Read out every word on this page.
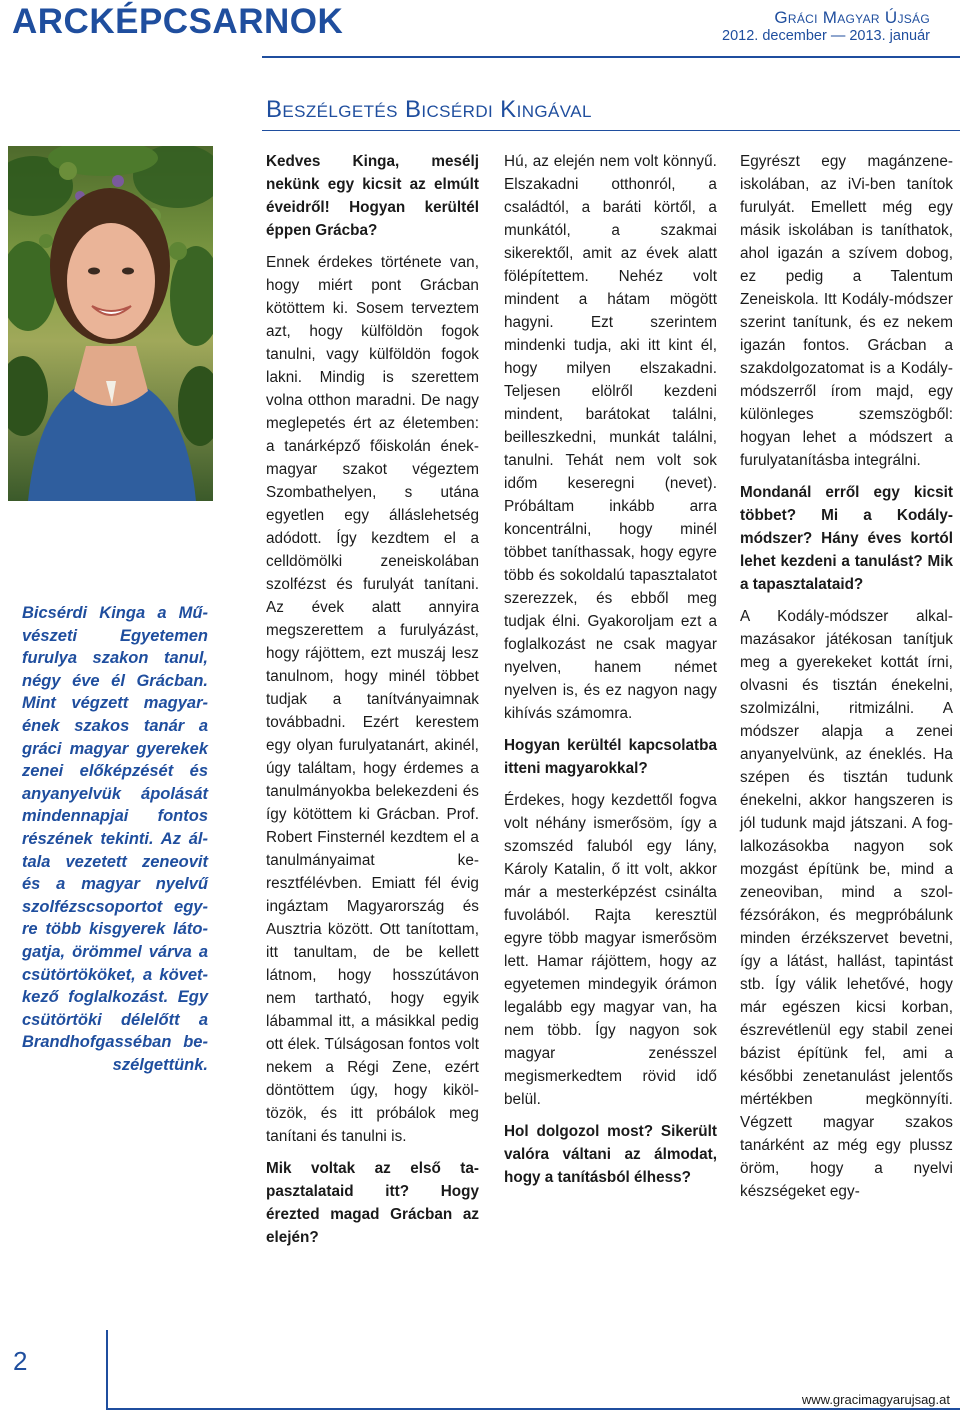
ARCKÉPCSARNOK	Gráci Magyar Újság
2012. december — 2013. január
Beszélgetés Bicsérdi Kingával

Bicsérdi Kinga a Művészeti Egyetemen furulya szakon tanul, négy éve él Grácban. Mint végzett magyar-ének szakos tanár a gráci magyar gyerekek zenei előképzését és anyanyelvük ápolását mindennapjai fontos részének tekinti. Az általa vezetett zeneovit és a magyar nyelvű szolfézscsoportot egyre több kisgyerek látogatja, örömmel várva a csütörtököket, a következő foglalkozást. Egy csütörtöki délelőtt a Brandhofgasséban beszélgettünk.

Kedves Kinga, mesélj nekünk egy kicsit az elmúlt éveidről! Hogyan kerültél éppen Grácba?

Ennek érdekes története van, hogy miért pont Grácban kötöttem ki. Sosem terveztem azt, hogy külföldön fogok tanulni, vagy külföldön fogok lakni. Mindig is szerettem volna otthon maradni. De nagy meglepetés ért az életemben: a tanárképző főiskolán ének-magyar szakot végeztem Szombathelyen, s utána egyetlen egy álláslehetség adódott. Így kezdtem el a celldömölki zeneiskolában szolfézst és furulyát tanítani. Az évek alatt annyira megszerettem a furulyázást, hogy rájöttem, ezt muszáj lesz tanulnom, hogy minél többet tudjak a tanítványaimnak továbbadni. Ezért kerestem egy olyan furulyatanárt, akinél, úgy találtam, hogy érdemes a tanulmányokba belekezdeni és így kötöttem ki Grácban. Prof. Robert Finsternél kezdtem el a tanulmányaimat keresztfélévben. Emiatt fél évig ingáztam Magyarország és Ausztria között. Ott tanítottam, itt tanultam, de be kellett látnom, hogy hosszútávon nem tartható, hogy egyik lábammal itt, a másikkal pedig ott élek. Túlságosan fontos volt nekem a Régi Zene, ezért döntöttem úgy, hogy kiköltözök, és itt próbálok meg tanítani és tanulni is.

Mik voltak az első tapasztalataid itt? Hogy érezted magad Grácban az elején?

Hú, az elején nem volt könnyű. Elszakadni otthonról, a családtól, a baráti körtől, a munkától, a szakmai sikerektől, amit az évek alatt fölépítettem. Nehéz volt mindent a hátam mögött hagyni. Ezt szerintem mindenki tudja, aki itt kint él, hogy milyen elszakadni. Teljesen elölről kezdeni mindent, barátokat találni, beilleszkedni, munkát találni, tanulni. Tehát nem volt sok időm keseregni (nevet). Próbáltam inkább arra koncentrálni, hogy minél többet taníthassak, hogy egyre több és sokoldalú tapasztalatot szerezzek, és ebből meg tudjak élni. Gyakoroljam ezt a foglalkozást ne csak magyar nyelven, hanem német nyelven is, és ez nagyon nagy kihívás számomra.

Hogyan kerültél kapcsolatba itteni magyarokkal?

Érdekes, hogy kezdettől fogva volt néhány ismerősöm, így a szomszéd faluból egy lány, Károly Katalin, ő itt volt, akkor már a mesterképzést csinálta fuvolából. Rajta keresztül egyre több magyar ismerősöm lett. Hamar rájöttem, hogy az egyetemen mindegyik órámon legalább egy magyar van, ha nem több. Így nagyon sok magyar zenésszel megismerkedtem rövid idő belül.

Hol dolgozol most? Sikerült valóra váltani az álmodat, hogy a tanításból élhess?

Egyrészt egy magánzeneiskolában, az iVi-ben tanítok furulyát. Emellett még egy másik iskolában is taníthatok, ahol igazán a szívem dobog, ez pedig a Talentum Zeneiskola. Itt Kodály-módszer szerint tanítunk, és ez nekem igazán fontos. Grácban a szakdolgozatomat is a Kodály-módszerről írom majd, egy különleges szemszögből: hogyan lehet a módszert a furulyatanításba integrálni.

Mondanál erről egy kicsit többet? Mi a Kodály-módszer? Hány éves kortól lehet kezdeni a tanulást? Mik a tapasztalataid?

A Kodály-módszer alkalmazásakor játékosan tanítjuk meg a gyerekeket kottát írni, olvasni és tisztán énekelni, szolmizálni, ritmizálni. A módszer alapja a zenei anyanyelvünk, az éneklés. Ha szépen és tisztán tudunk énekelni, akkor hangszeren is jól tudunk majd játszani. A foglalkozásokba nagyon sok mozgást építünk be, mind a zeneoviban, mind a szolfézsórákon, és megpróbálunk minden érzékszervet bevetni, így a látást, hallást, tapintást stb. Így válik lehetővé, hogy már egészen kicsi korban, észrevétlenül egy stabil zenei bázist építünk fel, ami a későbbi zenetanulást jelentős mértékben megkönnyíti. Végzett magyar szakos tanárként az még egy plussz öröm, hogy a nyelvi készségeket egy-

2
www.gracimagyarujsag.at
